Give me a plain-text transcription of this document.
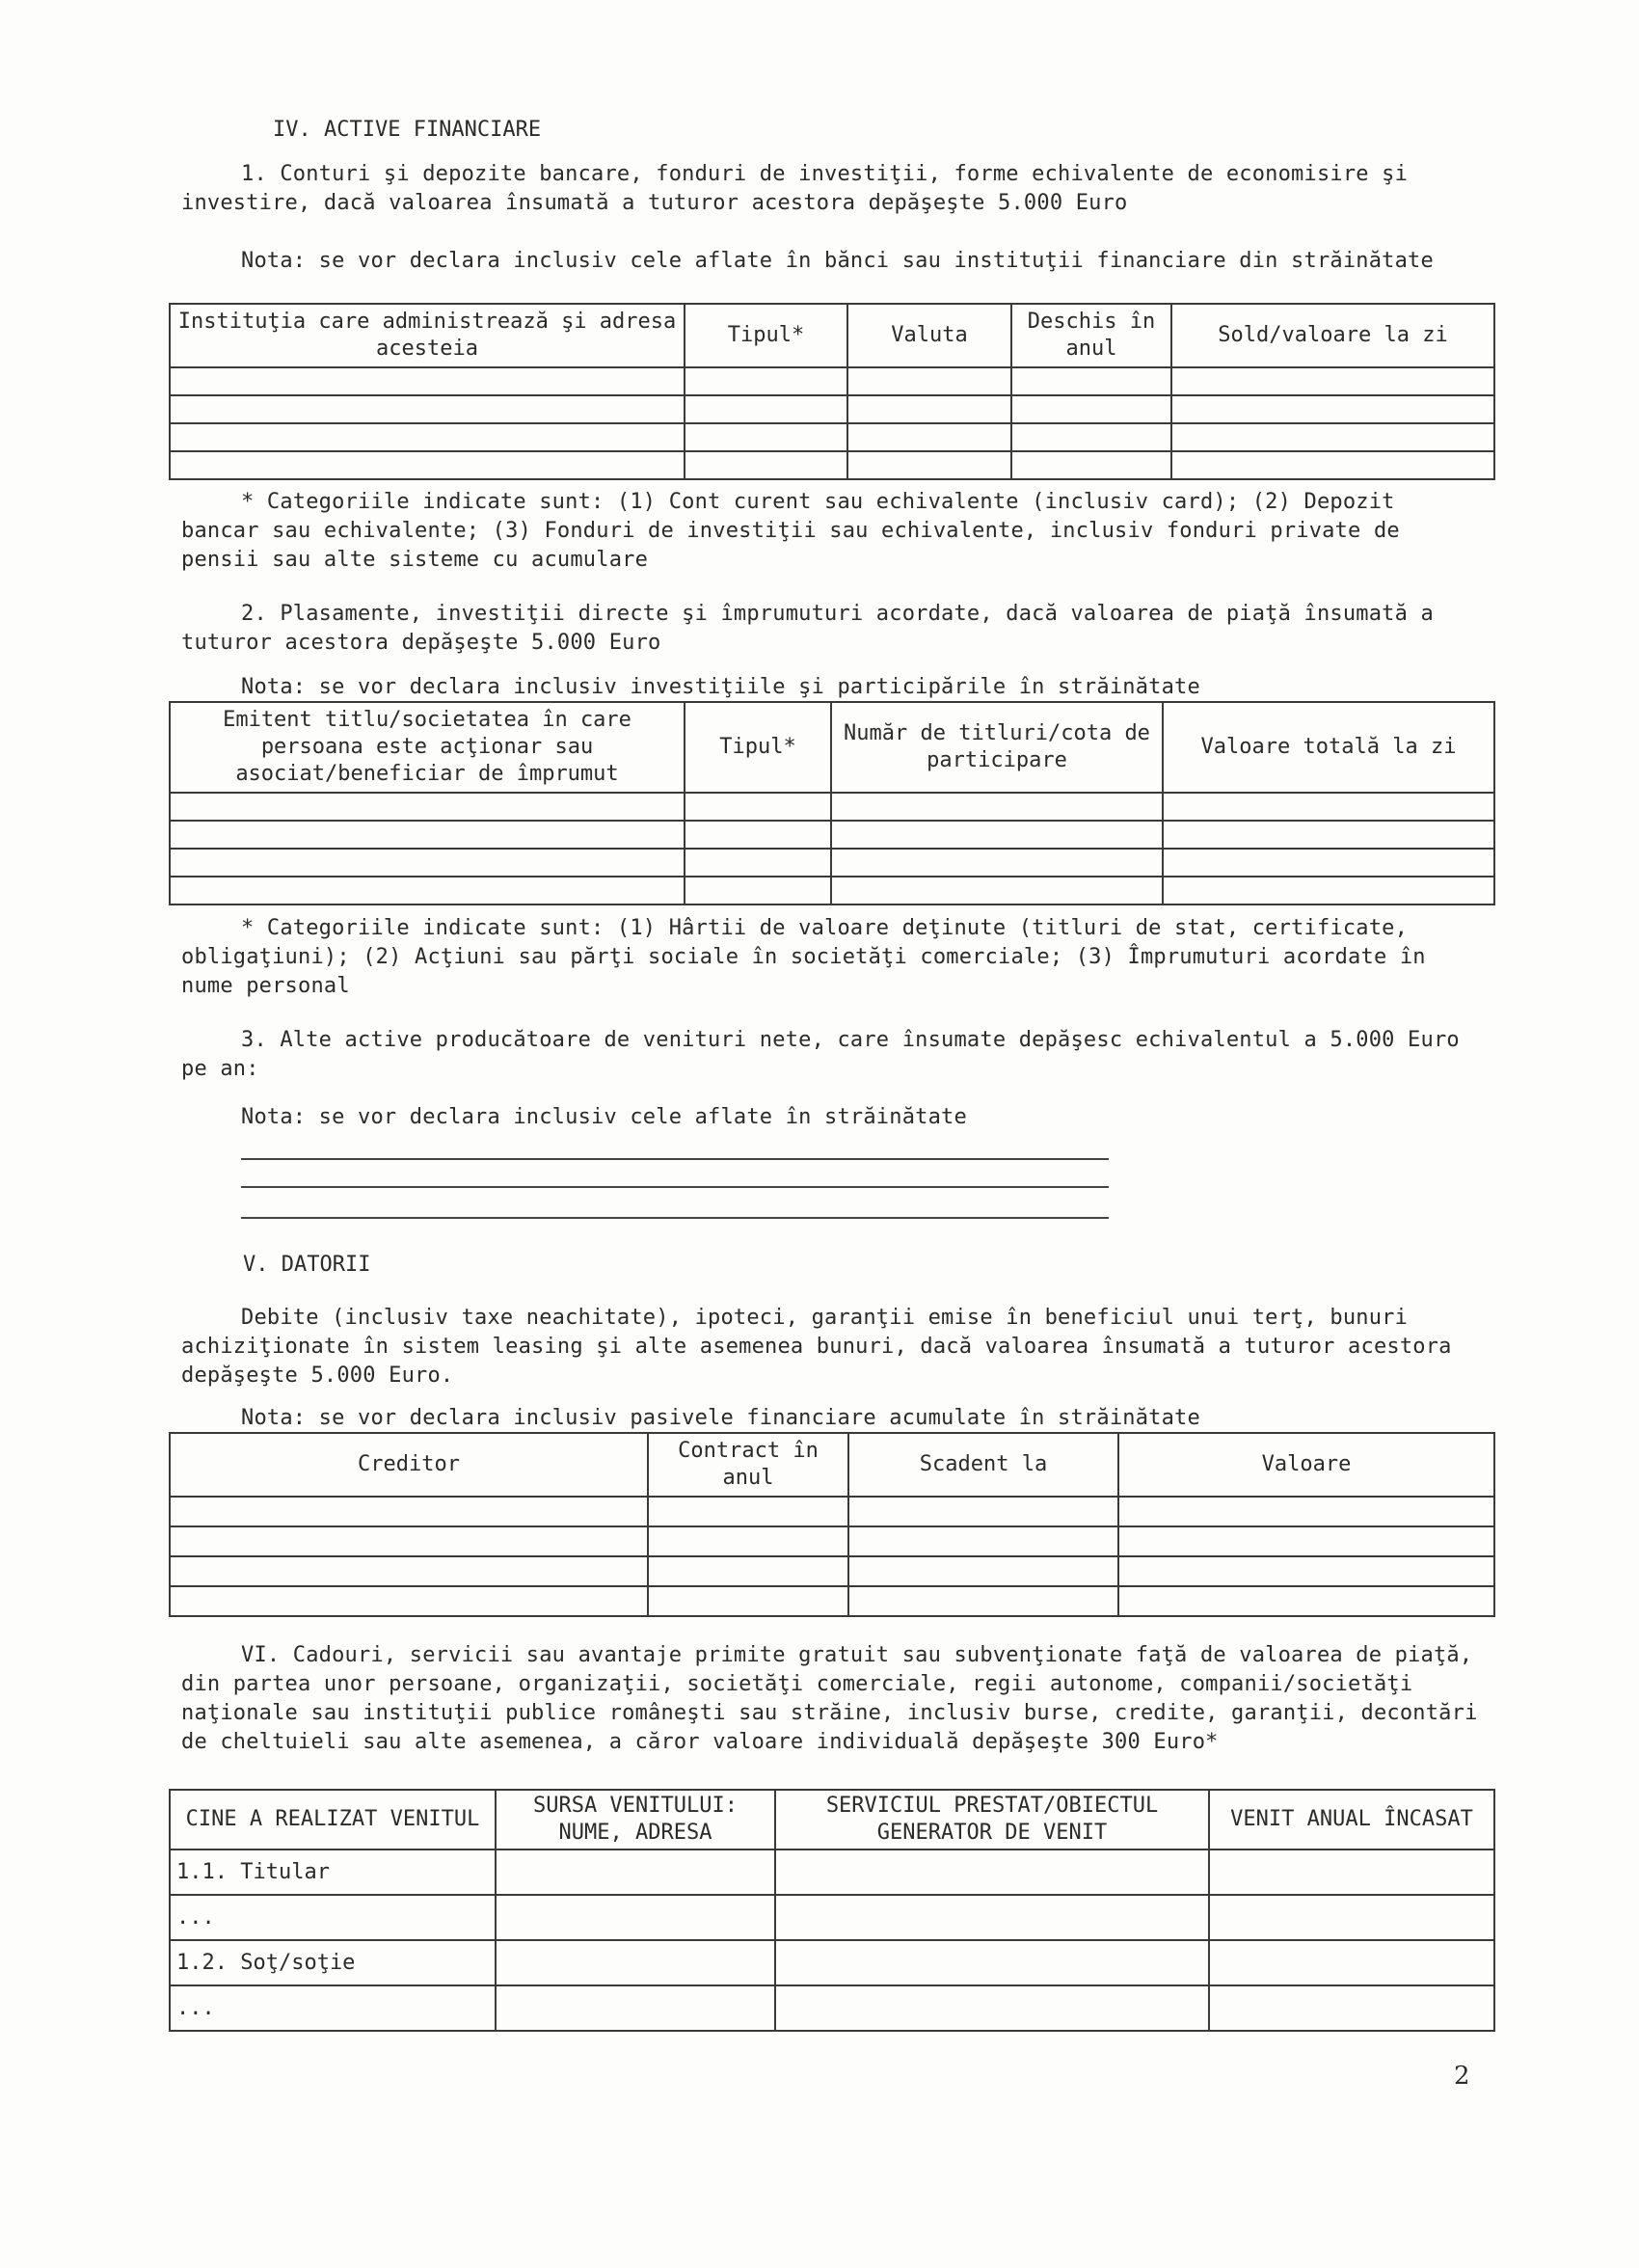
IV. ACTIVE FINANCIARE

1. Conturi şi depozite bancare, fonduri de investiţii, forme echivalente de economisire şi investire, dacă valoarea însumată a tuturor acestora depăşeşte 5.000 Euro

Nota: se vor declara inclusiv cele aflate în bănci sau instituţii financiare din străinătate

Instituţia care administrează şi adresa acesteia	Tipul*	Valuta	Deschis în anul	Sold/valoare la zi

* Categoriile indicate sunt: (1) Cont curent sau echivalente (inclusiv card); (2) Depozit bancar sau echivalente; (3) Fonduri de investiţii sau echivalente, inclusiv fonduri private de pensii sau alte sisteme cu acumulare

2. Plasamente, investiţii directe şi împrumuturi acordate, dacă valoarea de piaţă însumată a tuturor acestora depăşeşte 5.000 Euro

Nota: se vor declara inclusiv investiţiile şi participările în străinătate

Emitent titlu/societatea în care persoana este acţionar sau asociat/beneficiar de împrumut	Tipul*	Număr de titluri/cota de participare	Valoare totală la zi

* Categoriile indicate sunt: (1) Hârtii de valoare deţinute (titluri de stat, certificate, obligaţiuni); (2) Acţiuni sau părţi sociale în societăţi comerciale; (3) Împrumuturi acordate în nume personal

3. Alte active producătoare de venituri nete, care însumate depăşesc echivalentul a 5.000 Euro pe an:

Nota: se vor declara inclusiv cele aflate în străinătate

V. DATORII

Debite (inclusiv taxe neachitate), ipoteci, garanţii emise în beneficiul unui terţ, bunuri achiziţionate în sistem leasing şi alte asemenea bunuri, dacă valoarea însumată a tuturor acestora depăşeşte 5.000 Euro.

Nota: se vor declara inclusiv pasivele financiare acumulate în străinătate

Creditor	Contract în anul	Scadent la	Valoare

VI. Cadouri, servicii sau avantaje primite gratuit sau subvenţionate faţă de valoarea de piaţă, din partea unor persoane, organizaţii, societăţi comerciale, regii autonome, companii/societăţi naţionale sau instituţii publice româneşti sau străine, inclusiv burse, credite, garanţii, decontări de cheltuieli sau alte asemenea, a căror valoare individuală depăşeşte 300 Euro*

CINE A REALIZAT VENITUL	SURSA VENITULUI: NUME, ADRESA	SERVICIUL PRESTAT/OBIECTUL GENERATOR DE VENIT	VENIT ANUAL ÎNCASAT
1.1. Titular			
...			
1.2. Soţ/soţie			
...			
2
